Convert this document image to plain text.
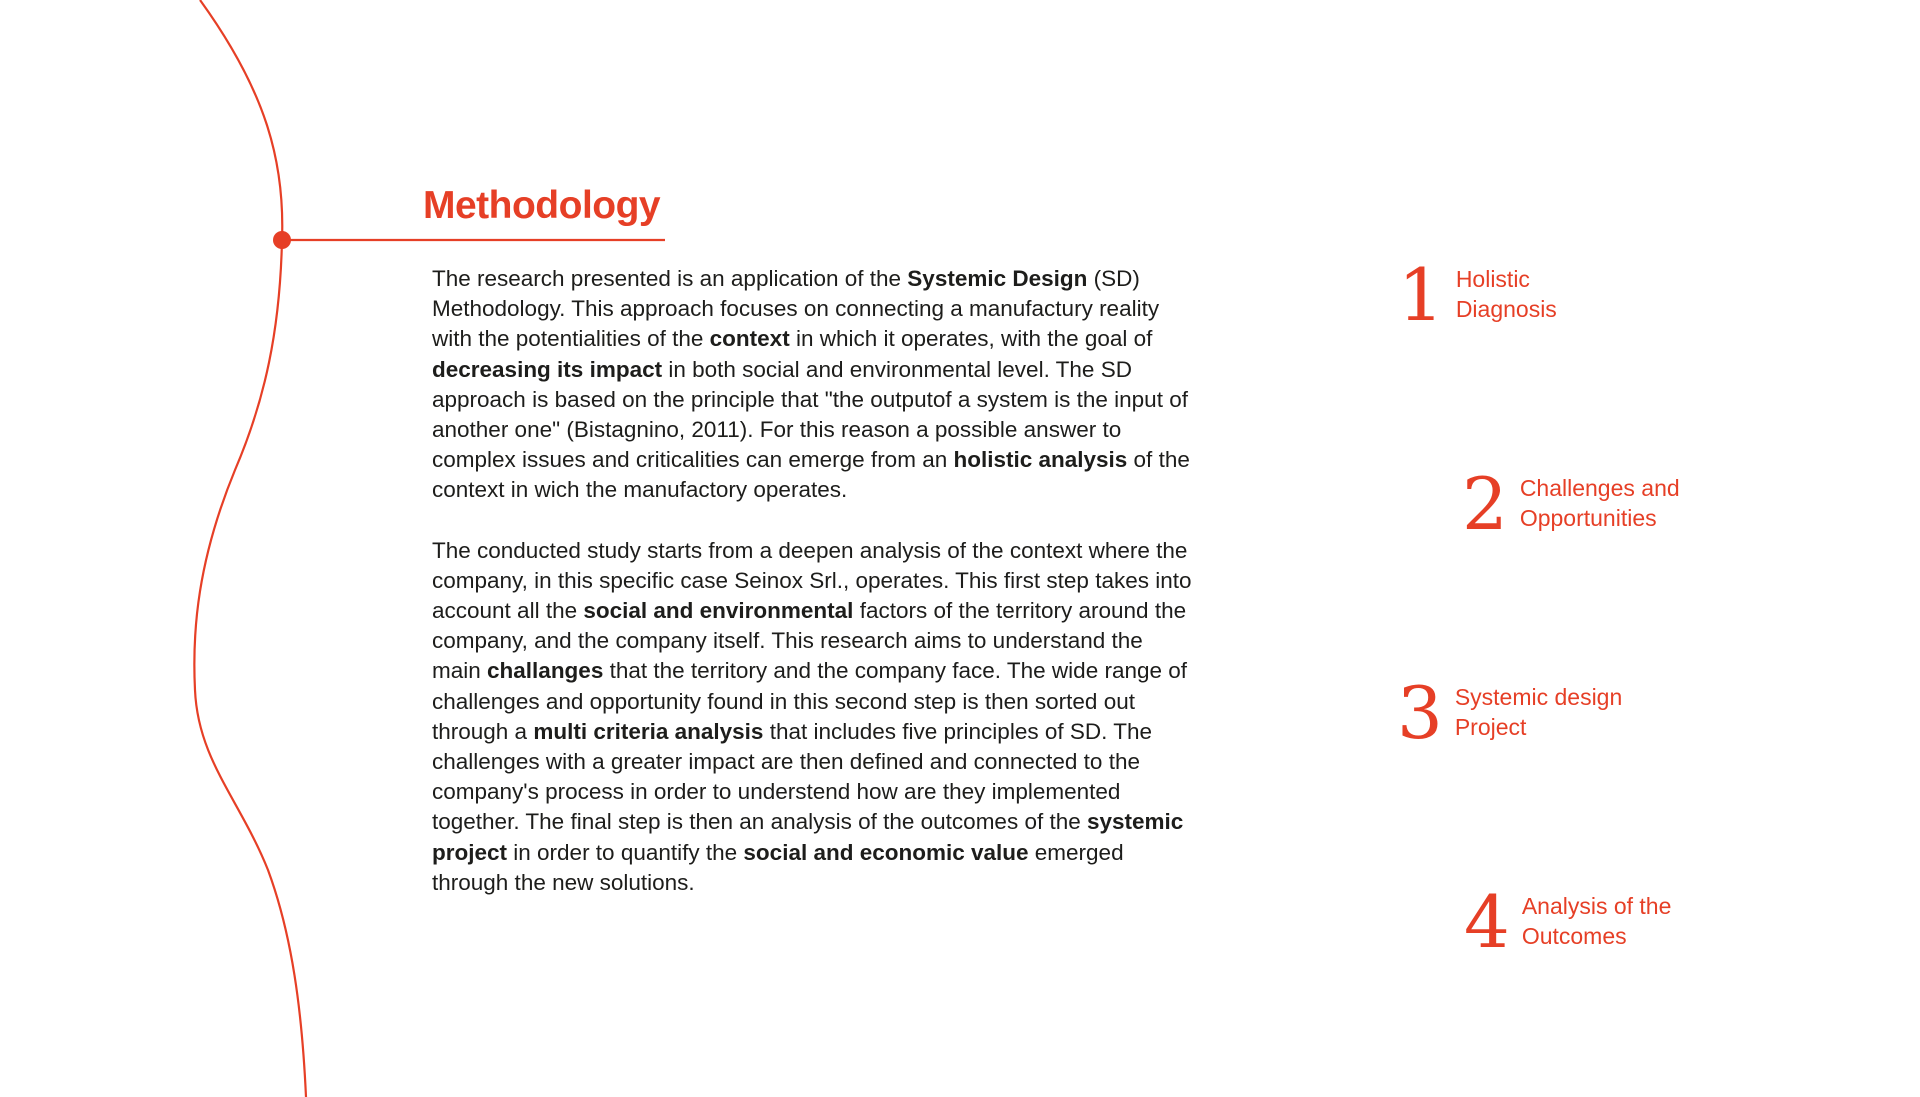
Methodology

The research presented is an application of the Systemic Design (SD) Methodology. This approach focuses on connecting a manufactury reality with the potentialities of the context in which it operates, with the goal of decreasing its impact in both social and environmental level. The SD approach is based on the principle that "the outputof a system is the input of another one" (Bistagnino, 2011). For this reason a possible answer to complex issues and criticalities can emerge from an holistic analysis of the context in wich the manufactory operates.

The conducted study starts from a deepen analysis of the context where the company, in this specific case Seinox Srl., operates. This first step takes into account all the social and environmental factors of the territory around the company, and the company itself. This research aims to understand the main challanges that the territory and the company face. The wide range of challenges and opportunity found in this second step is then sorted out through a multi criteria analysis that includes five principles of SD. The challenges with a greater impact are then defined and connected to the company's process in order to understend how are they implemented together. The final step is then an analysis of the outcomes of the systemic project in order to quantify the social and economic value emerged through the new solutions.

1 Holistic
Diagnosis
2 Challenges and
Opportunities
3 Systemic design
Project
4 Analysis of the
Outcomes
